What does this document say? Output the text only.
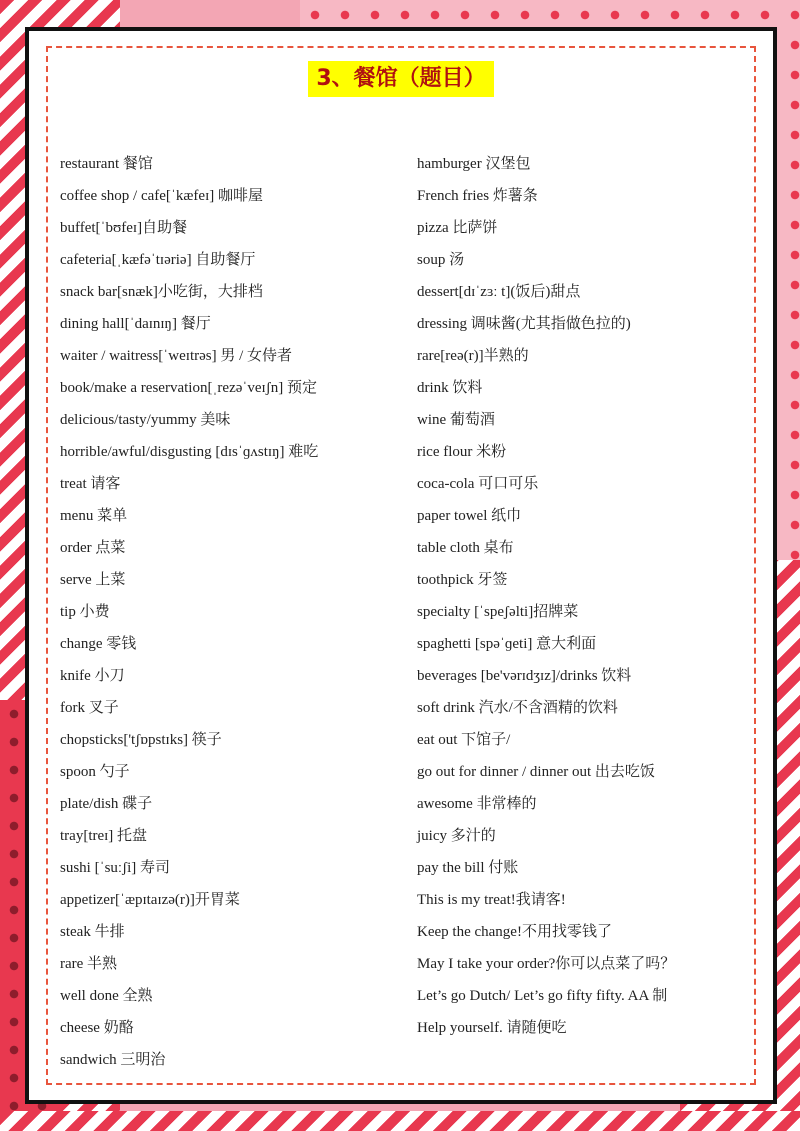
3、餐馆（题目）
restaurant 餐馆
coffee shop / cafe[ˈkæfeɪ] 咖啡屋
buffet[ˈbʊfeɪ]自助餐
cafeteria[ˌkæfəˈtɪəriə] 自助餐厅
snack bar[snæk]小吃街，大排档
dining hall[ˈdaɪnɪŋ] 餐厅
waiter / waitress[ˈweɪtrəs] 男 / 女侍者
book/make a reservation[ˌrezəˈveɪʃn] 预定
delicious/tasty/yummy 美味
horrible/awful/disgusting [dɪsˈɡʌstɪŋ] 难吃
treat 请客
menu 菜单
order 点菜
serve 上菜
tip 小费
change 零钱
knife 小刀
fork 叉子
chopsticks['tʃɒpstɪks] 筷子
spoon 勺子
plate/dish 碟子
tray[treɪ] 托盘
sushi [ˈsuːʃi] 寿司
appetizer[ˈæpɪtaɪzə(r)]开胃菜
steak 牛排
rare 半熟
well done 全熟
cheese 奶酪
sandwich 三明治
hamburger 汉堡包
French fries 炸薯条
pizza 比萨饼
soup 汤
dessert[dɪˈzɜː t](饭后)甜点
dressing 调味酱(尤其指做色拉的)
rare[reə(r)]半熟的
drink 饮料
wine 葡萄酒
rice flour 米粉
coca-cola 可口可乐
paper towel 纸巾
table cloth 桌布
toothpick 牙签
specialty [ˈspeʃəlti]招牌菜
spaghetti [spəˈɡeti] 意大利面
beverages [be'vərɪdʒɪz]/drinks 饮料
soft drink 汽水/不含酒精的饮料
eat out 下馆子/
go out for dinner / dinner out 出去吃饭
awesome 非常棒的
juicy 多汁的
pay the bill 付账
This is my treat!我请客!
Keep the change!不用找零钱了
May I take your order?你可以点菜了吗？
Let’s go Dutch/ Let’s go fifty fifty. AA 制
Help yourself. 请随便吃
